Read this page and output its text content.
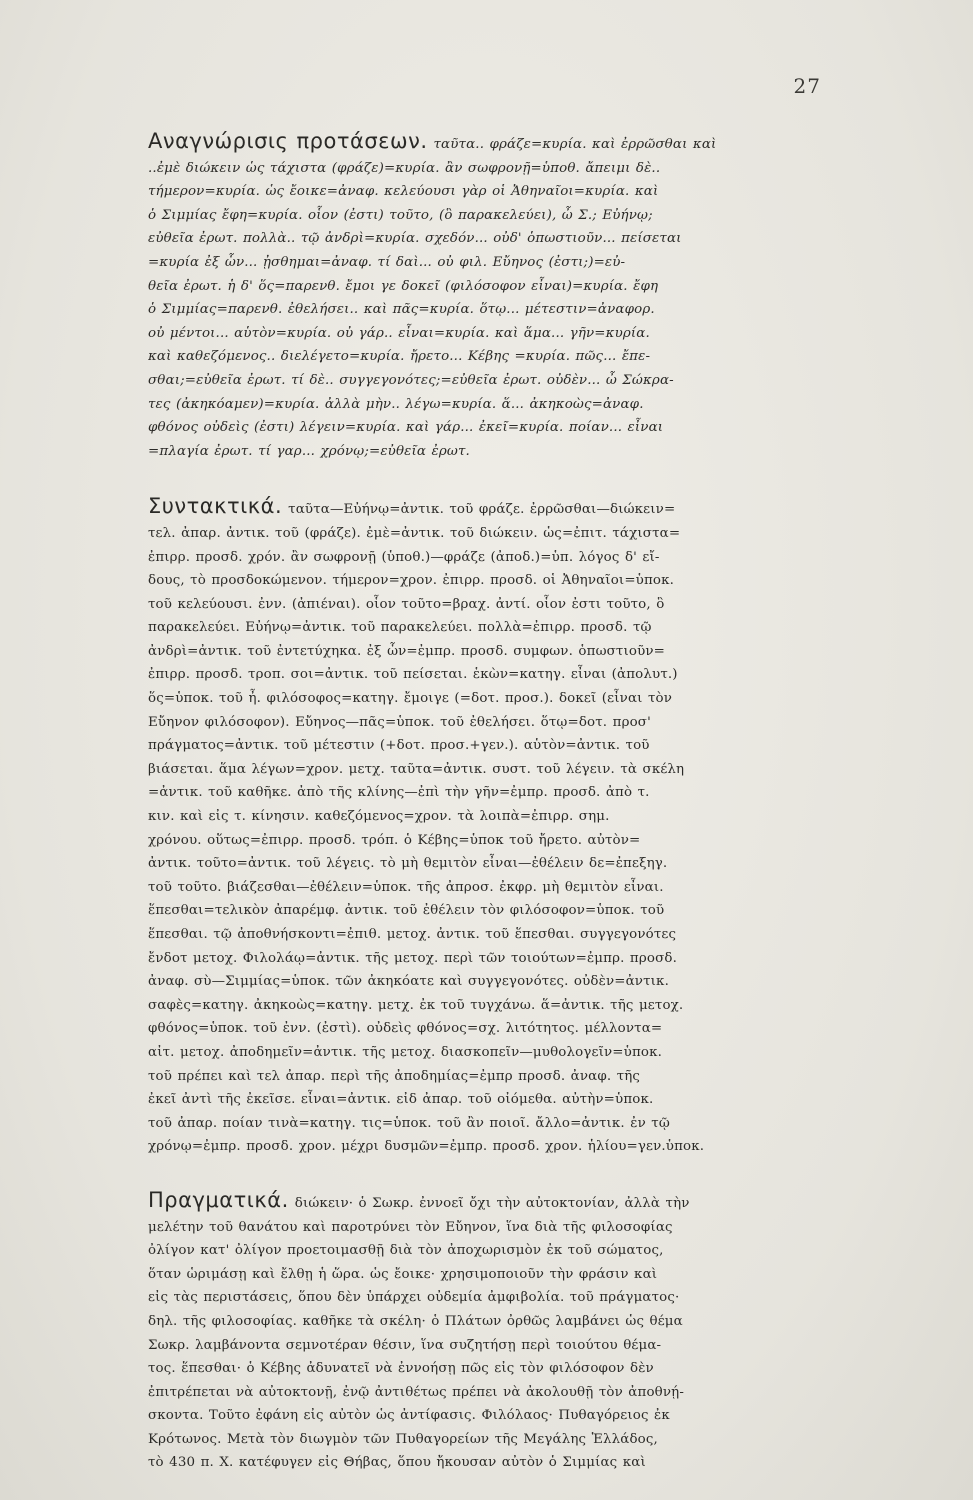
27
Αναγνώρισις προτάσεων. ταῦτα.. φράζε=κυρία. καὶ ἐρρῶσθαι καὶ
..ἐμὲ διώκειν ὡς τάχιστα (φράζε)=κυρία. ἂν σωφρονῇ=ὑποθ. ἄπειμι δὲ..
τήμερον=κυρία. ὡς ἔοικε=ἀναφ. κελεύουσι γὰρ οἱ Ἀθηναῖοι=κυρία. καὶ
ὁ Σιμμίας ἔφη=κυρία. οἷον (ἐστι) τοῦτο, (ὃ παρακελεύει), ὦ Σ.; Εὐήνῳ;
εὐθεῖα ἐρωτ. πολλὰ.. τῷ ἀνδρὶ=κυρία. σχεδόν... οὐδ' ὁπωστιοῦν... πείσεται
=κυρία ἐξ ὧν... ᾐσθημαι=ἀναφ. τί δαὶ... οὐ φιλ. Εὔηνος (ἐστι;)=εὐ-
θεῖα ἐρωτ. ἡ δ' ὅς=παρενθ. ἔμοι γε δοκεῖ (φιλόσοφον εἶναι)=κυρία. ἔφη
ὁ Σιμμίας=παρενθ. ἐθελήσει.. καὶ πᾶς=κυρία. ὅτῳ... μέτεστιν=ἀναφορ.
οὐ μέντοι... αὑτὸν=κυρία. οὐ γάρ.. εἶναι=κυρία. καὶ ἅμα... γῆν=κυρία.
καὶ καθεζόμενος.. διελέγετο=κυρία. ἤρετο... Κέβης =κυρία. πῶς... ἔπε-
σθαι;=εὐθεῖα ἐρωτ. τί δὲ.. συγγεγονότες;=εὐθεῖα ἐρωτ. οὐδὲν... ὦ Σώκρα-
τες (ἀκηκόαμεν)=κυρία. ἀλλὰ μὴν.. λέγω=κυρία. ἅ... ἀκηκοὼς=ἀναφ.
φθόνος οὐδεὶς (ἐστι) λέγειν=κυρία. καὶ γάρ... ἐκεῖ=κυρία. ποίαν... εἶναι
=πλαγία ἐρωτ. τί γαρ... χρόνῳ;=εὐθεῖα ἐρωτ.
Συντακτικά. ταῦτα—Εὐήνῳ=ἀντικ. τοῦ φράζε. ἐρρῶσθαι—διώκειν=
τελ. ἀπαρ. ἀντικ. τοῦ (φράζε). ἐμὲ=ἀντικ. τοῦ διώκειν. ὡς=ἐπιτ. τάχιστα=
ἐπιρρ. προσδ. χρόν. ἂν σωφρονῇ (ὑποθ.)—φράζε (ἀποδ.)=ὑπ. λόγος δ' εἴ-
δους, τὸ προσδοκώμενον. τήμερον=χρον. ἐπιρρ. προσδ. οἱ Ἀθηναῖοι=ὑποκ.
τοῦ κελεύουσι. ἐνν. (ἀπιέναι). οἷον τοῦτο=βραχ. ἀντί. οἷον ἐστι τοῦτο, ὃ
παρακελεύει. Εὐήνῳ=ἀντικ. τοῦ παρακελεύει. πολλὰ=ἐπιρρ. προσδ. τῷ
ἀνδρὶ=ἀντικ. τοῦ ἐντετύχηκα. ἐξ ὧν=ἐμπρ. προσδ. συμφων. ὁπωστιοῦν=
ἐπιρρ. προσδ. τροπ. σοι=ἀντικ. τοῦ πείσεται. ἑκὼν=κατηγ. εἶναι (ἀπολυτ.)
ὅς=ὑποκ. τοῦ ἦ. φιλόσοφος=κατηγ. ἔμοιγε (=δοτ. προσ.). δοκεῖ (εἶναι τὸν
Εὔηνον φιλόσοφον). Εὔηνος—πᾶς=ὑποκ. τοῦ ἐθελήσει. ὅτῳ=δοτ. προσ'
πράγματος=ἀντικ. τοῦ μέτεστιν (+δοτ. προσ.+γεν.). αὑτὸν=ἀντικ. τοῦ
βιάσεται. ἅμα λέγων=χρον. μετχ. ταῦτα=ἀντικ. συστ. τοῦ λέγειν. τὰ σκέλη
=ἀντικ. τοῦ καθῆκε. ἀπὸ τῆς κλίνης—ἐπὶ τὴν γῆν=ἐμπρ. προσδ. ἀπὸ τ.
κιν. καὶ εἰς τ. κίνησιν. καθεζόμενος=χρον. τὰ λοιπὰ=ἐπιρρ. σημ.
χρόνου. οὕτως=ἐπιρρ. προσδ. τρόπ. ὁ Κέβης=ὑποκ τοῦ ἤρετο. αὐτὸν=
ἀντικ. τοῦτο=ἀντικ. τοῦ λέγεις. τὸ μὴ θεμιτὸν εἶναι—ἐθέλειν δε=ἐπεξηγ.
τοῦ τοῦτο. βιάζεσθαι—ἐθέλειν=ὑποκ. τῆς ἀπροσ. ἐκφρ. μὴ θεμιτὸν εἶναι.
ἕπεσθαι=τελικὸν ἀπαρέμφ. ἀντικ. τοῦ ἐθέλειν τὸν φιλόσοφον=ὑποκ. τοῦ
ἕπεσθαι. τῷ ἀποθνήσκοντι=ἐπιθ. μετοχ. ἀντικ. τοῦ ἕπεσθαι. συγγεγονότες
ἔνδοτ μετοχ. Φιλολάῳ=ἀντικ. τῆς μετοχ. περὶ τῶν τοιούτων=ἐμπρ. προσδ.
ἀναφ. σὺ—Σιμμίας=ὑποκ. τῶν ἀκηκόατε καὶ συγγεγονότες. οὐδὲν=ἀντικ.
σαφὲς=κατηγ. ἀκηκοὼς=κατηγ. μετχ. ἐκ τοῦ τυγχάνω. ἅ=ἀντικ. τῆς μετοχ.
φθόνος=ὑποκ. τοῦ ἐνν. (ἐστὶ). οὐδεὶς φθόνος=σχ. λιτότητος. μέλλοντα=
αἰτ. μετοχ. ἀποδημεῖν=ἀντικ. τῆς μετοχ. διασκοπεῖν—μυθολογεῖν=ὑποκ.
τοῦ πρέπει καὶ τελ ἀπαρ. περὶ τῆς ἀποδημίας=ἐμπρ προσδ. ἀναφ. τῆς
ἐκεῖ ἀντὶ τῆς ἐκεῖσε. εἶναι=ἀντικ. εἰδ ἀπαρ. τοῦ οἰόμεθα. αὐτὴν=ὑποκ.
τοῦ ἀπαρ. ποίαν τινὰ=κατηγ. τις=ὑποκ. τοῦ ἂν ποιοῖ. ἄλλο=ἀντικ. ἐν τῷ
χρόνῳ=ἐμπρ. προσδ. χρον. μέχρι δυσμῶν=ἐμπρ. προσδ. χρον. ἡλίου=γεν.ὑποκ.
Πραγματικά. διώκειν· ὁ Σωκρ. ἐννοεῖ ὄχι τὴν αὐτοκτονίαν, ἀλλὰ τὴν
μελέτην τοῦ θανάτου καὶ παροτρύνει τὸν Εὔηνον, ἵνα διὰ τῆς φιλοσοφίας
ὀλίγον κατ' ὀλίγον προετοιμασθῇ διὰ τὸν ἀποχωρισμὸν ἐκ τοῦ σώματος,
ὅταν ὡριμάσῃ καὶ ἔλθῃ ἡ ὥρα. ὡς ἔοικε· χρησιμοποιοῦν τὴν φράσιν καὶ
εἰς τὰς περιστάσεις, ὅπου δὲν ὑπάρχει οὐδεμία ἀμφιβολία. τοῦ πράγματος·
δηλ. τῆς φιλοσοφίας. καθῆκε τὰ σκέλη· ὁ Πλάτων ὀρθῶς λαμβάνει ὡς θέμα
Σωκρ. λαμβάνοντα σεμνοτέραν θέσιν, ἵνα συζητήσῃ περὶ τοιούτου θέμα-
τος. ἕπεσθαι· ὁ Κέβης ἀδυνατεῖ νὰ ἐννοήσῃ πῶς εἰς τὸν φιλόσοφον δὲν
ἐπιτρέπεται νὰ αὐτοκτονῇ, ἐνῷ ἀντιθέτως πρέπει νὰ ἀκολουθῇ τὸν ἀποθνῄ-
σκοντα. Τοῦτο ἐφάνη εἰς αὐτὸν ὡς ἀντίφασις. Φιλόλαος· Πυθαγόρειος ἐκ
Κρότωνος. Μετὰ τὸν διωγμὸν τῶν Πυθαγορείων τῆς Μεγάλης Ἑλλάδος,
τὸ 430 π. Χ. κατέφυγεν εἰς Θήβας, ὅπου ἤκουσαν αὐτὸν ὁ Σιμμίας καὶ
